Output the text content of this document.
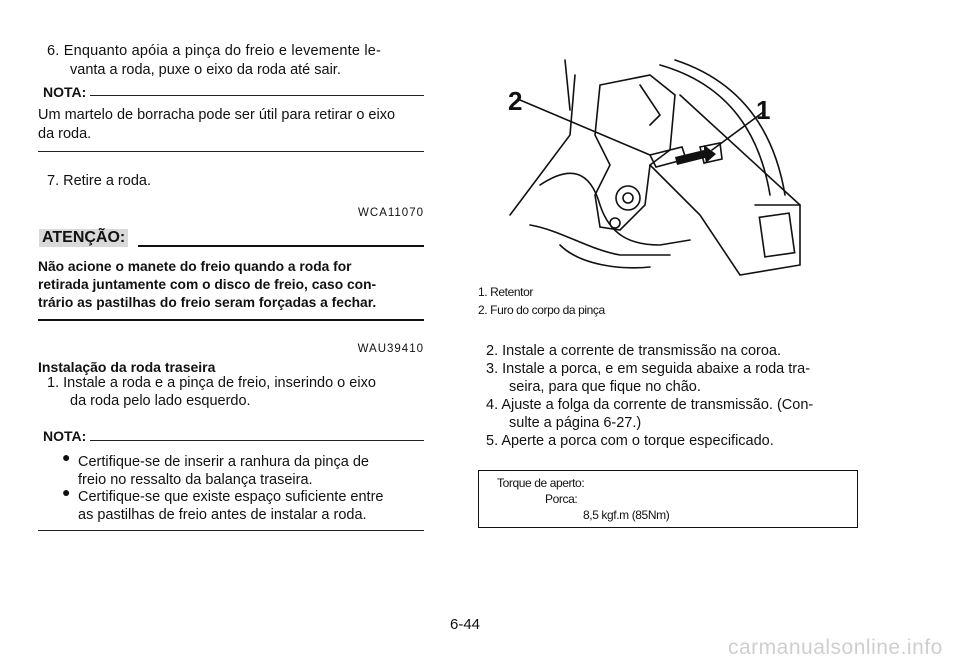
6. Enquanto apóia a pinça do freio e levemente le-
vanta a roda, puxe o eixo da roda até sair.
NOTA:
Um martelo de borracha pode ser útil para retirar o eixo
da roda.
7. Retire a roda.
WCA11070
ATENÇÃO:
Não acione o manete do freio quando a roda for
retirada juntamente com o disco de freio, caso con-
trário as pastilhas do freio seram forçadas a fechar.
WAU39410
Instalação da roda traseira
1. Instale a roda e a pinça de freio, inserindo o eixo
da roda pelo lado esquerdo.
NOTA:
● Certifique-se de inserir a ranhura da pinça de
freio no ressalto da balança traseira.
● Certifique-se que existe espaço suficiente entre
as pastilhas de freio antes de instalar a roda.
2	1
1. Retentor
2. Furo do corpo da pinça
2. Instale a corrente de transmissão na coroa.
3. Instale a porca, e em seguida abaixe a roda tra-
seira, para que fique no chão.
4. Ajuste a folga da corrente de transmissão. (Con-
sulte a página 6-27.)
5. Aperte a porca com o torque especificado.
Torque de aperto:
Porca:
8,5 kgf.m (85Nm)
6-44
carmanualsonline.info
